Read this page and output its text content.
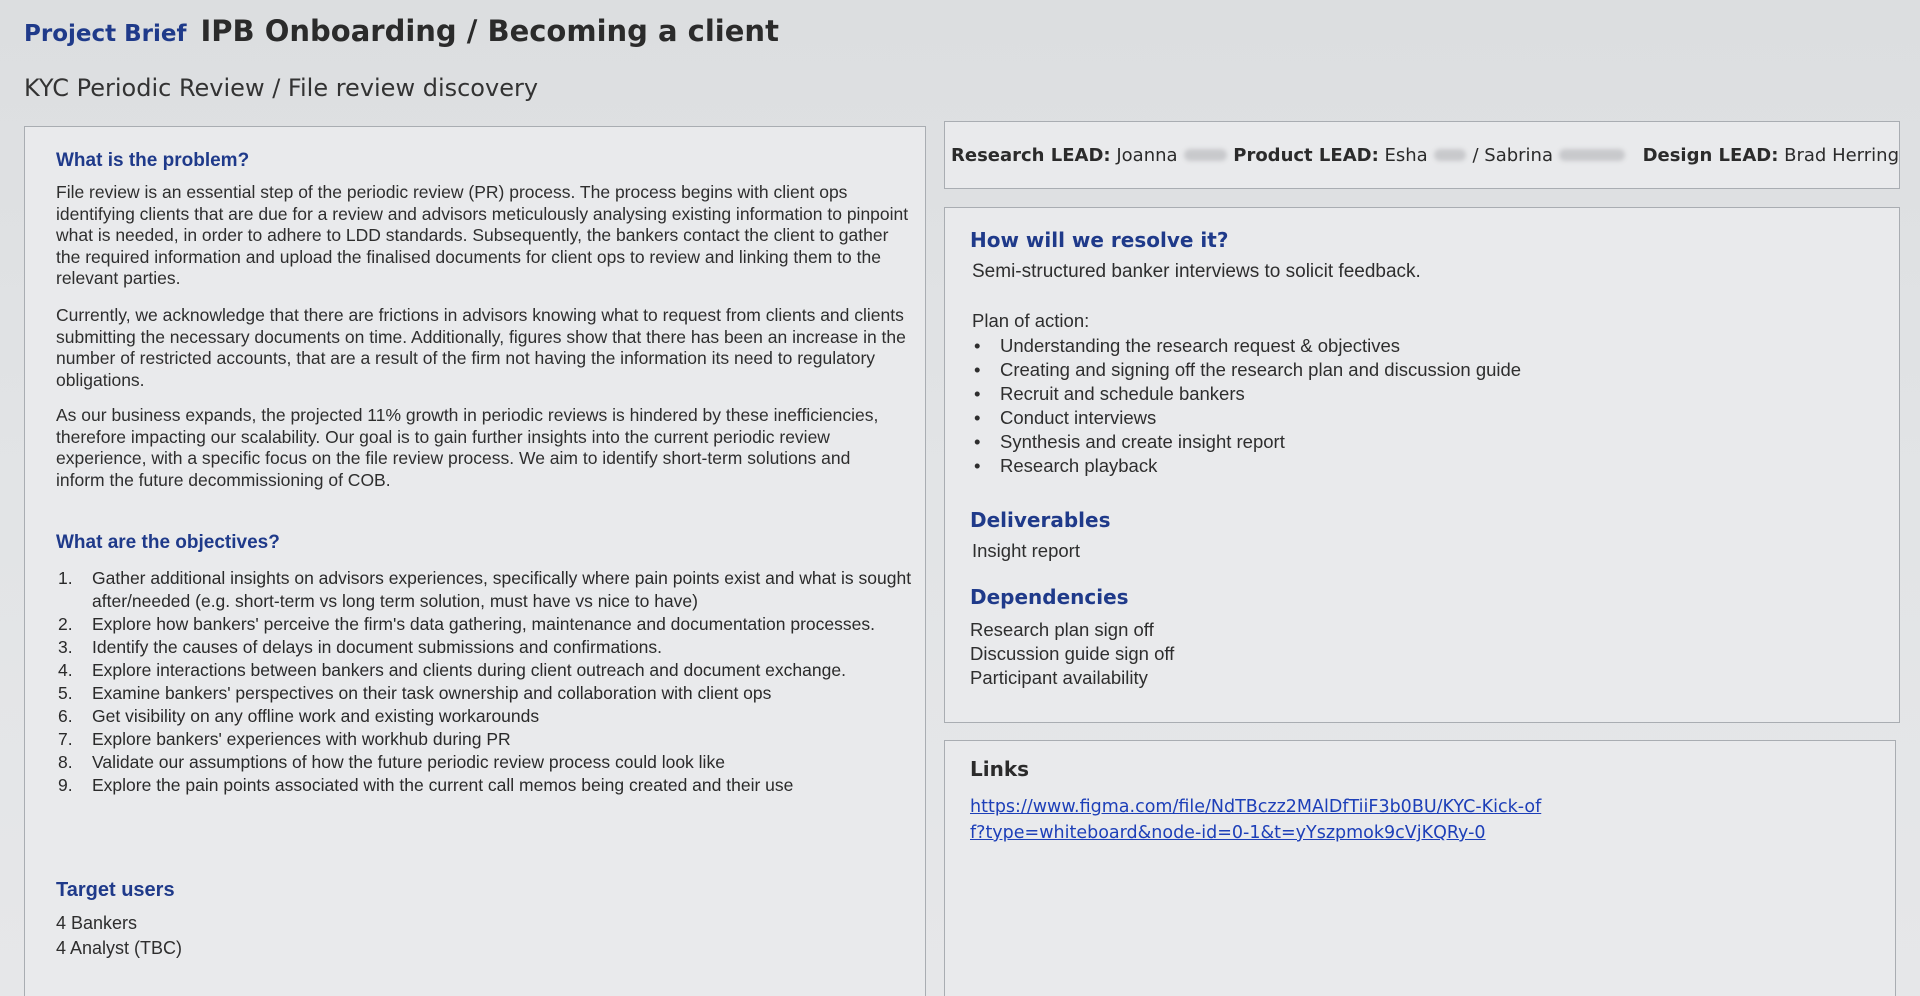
Project Brief IPB Onboarding / Becoming a client
KYC Periodic Review / File review discovery
What is the problem?
File review is an essential step of the periodic review (PR) process. The process begins with client ops identifying clients that are due for a review and advisors meticulously analysing existing information to pinpoint what is needed, in order to adhere to LDD standards. Subsequently, the bankers contact the client to gather the required information and upload the finalised documents for client ops to review and linking them to the relevant parties.
Currently, we acknowledge that there are frictions in advisors knowing what to request from clients and clients submitting the necessary documents on time. Additionally, figures show that there has been an increase in the number of restricted accounts, that are a result of the firm not having the information its need to regulatory obligations.
As our business expands, the projected 11% growth in periodic reviews is hindered by these inefficiencies, therefore impacting our scalability. Our goal is to gain further insights into the current periodic review experience, with a specific focus on the file review process. We aim to identify short-term solutions and inform the future decommissioning of COB.
What are the objectives?
1. Gather additional insights on advisors experiences, specifically where pain points exist and what is sought after/needed (e.g. short-term vs long term solution, must have vs nice to have)
2. Explore how bankers' perceive the firm's data gathering, maintenance and documentation processes.
3. Identify the causes of delays in document submissions and confirmations.
4. Explore interactions between bankers and clients during client outreach and document exchange.
5. Examine bankers' perspectives on their task ownership and collaboration with client ops
6. Get visibility on any offline work and existing workarounds
7. Explore bankers' experiences with workhub during PR
8. Validate our assumptions of how the future periodic review process could look like
9. Explore the pain points associated with the current call memos being created and their use
Target users
4 Bankers
4 Analyst (TBC)
Research LEAD:
Joanna	Product LEAD:
Esha / Sabrina	Design LEAD:
Brad Herring
How will we resolve it?
Semi-structured banker interviews to solicit feedback.
Plan of action:
• Understanding the research request & objectives
• Creating and signing off the research plan and discussion guide
• Recruit and schedule bankers
• Conduct interviews
• Synthesis and create insight report
• Research playback
Deliverables
Insight report
Dependencies
Research plan sign off
Discussion guide sign off
Participant availability
Links
https://www.figma.com/file/NdTBczz2MAlDfTiiF3b0BU/KYC-Kick-off?type=whiteboard&node-id=0-1&t=yYszpmok9cVjKQRy-0
